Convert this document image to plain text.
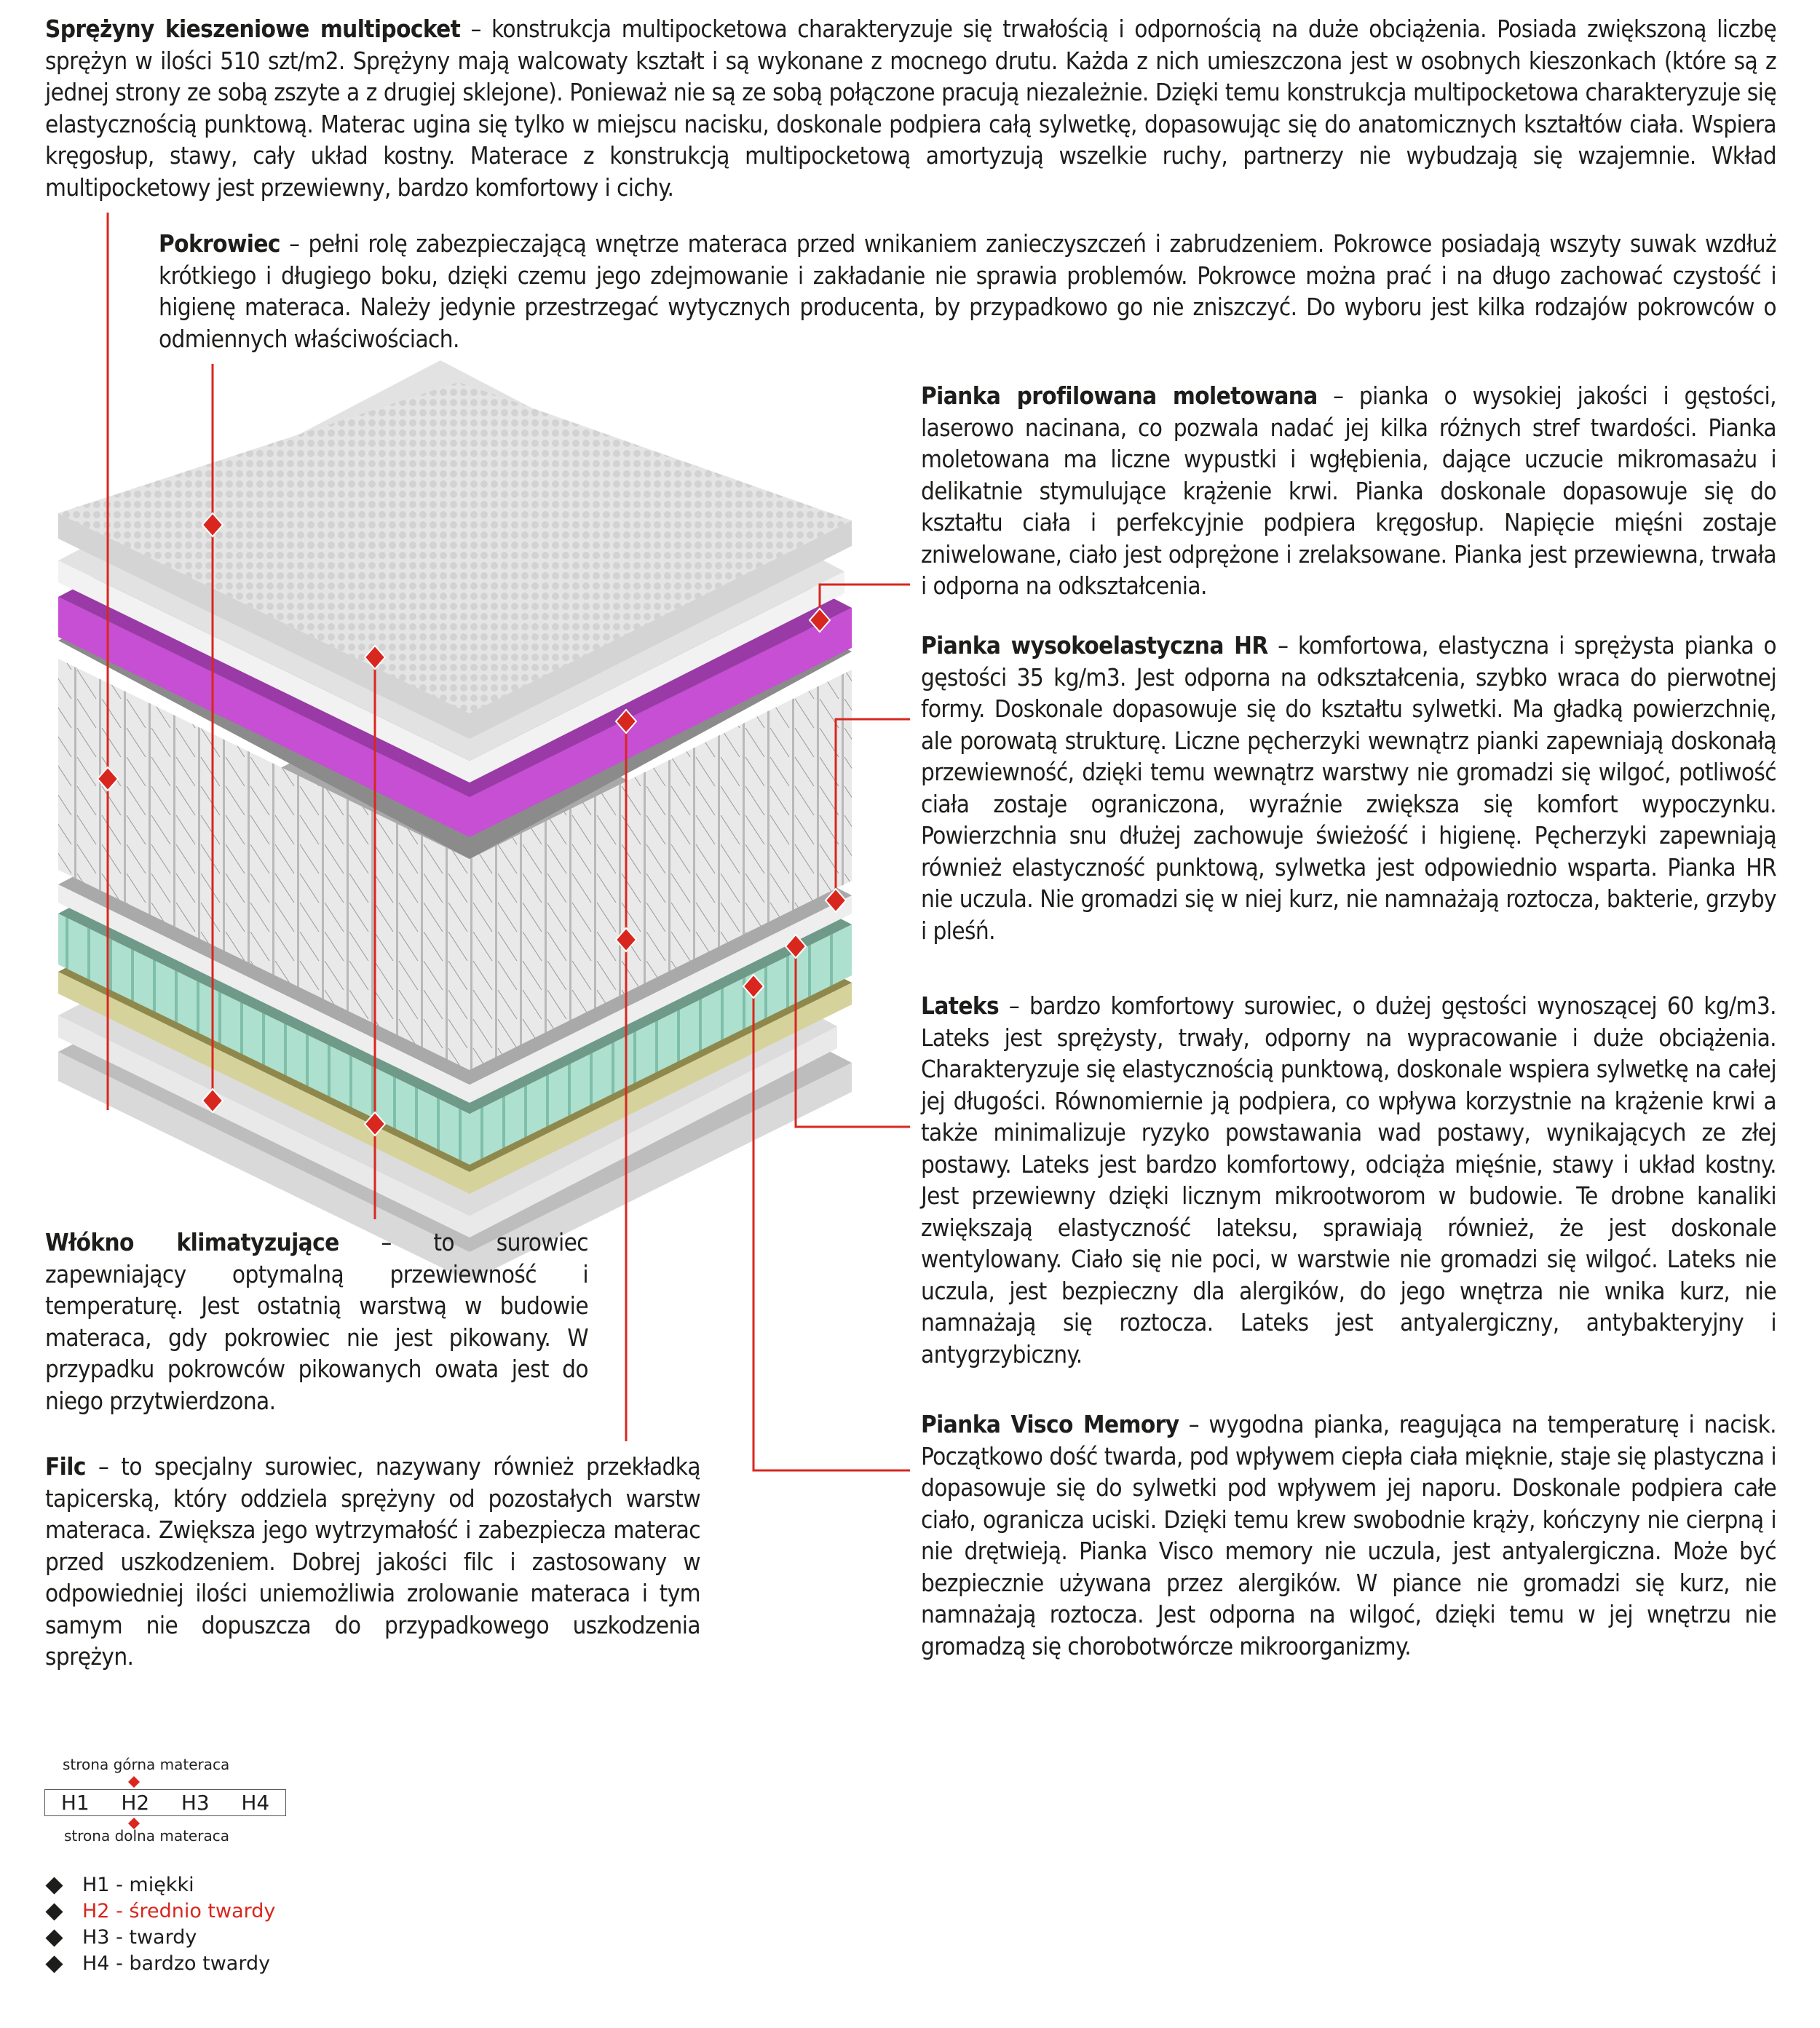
Sprężyny kieszeniowe multipocket – konstrukcja multipocketowa charakteryzuje się trwałością i odpornością na duże obciążenia. Posiada zwiększoną liczbę sprężyn w ilości 510 szt/m2. Sprężyny mają walcowaty kształt i są wykonane z mocnego drutu. Każda z nich umieszczona jest w osobnych kieszonkach (które są z jednej strony ze sobą zszyte a z drugiej sklejone). Ponieważ nie są ze sobą połączone pracują niezależnie. Dzięki temu konstrukcja multipocketowa charakteryzuje się elastycznością punktową. Materac ugina się tylko w miejscu nacisku, doskonale podpiera całą sylwetkę, dopasowując się do anatomicznych kształtów ciała. Wspiera kręgosłup, stawy, cały układ kostny. Materace z konstrukcją multipocketową amortyzują wszelkie ruchy, partnerzy nie wybudzają się wzajemnie. Wkład multipocketowy jest przewiewny, bardzo komfortowy i cichy.

Pokrowiec – pełni rolę zabezpieczającą wnętrze materaca przed wnikaniem zanieczyszczeń i zabrudzeniem. Pokrowce posiadają wszyty suwak wzdłuż krótkiego i długiego boku, dzięki czemu jego zdejmowanie i zakładanie nie sprawia problemów. Pokrowce można prać i na długo zachować czystość i higienę materaca. Należy jedynie przestrzegać wytycznych producenta, by przypadkowo go nie zniszczyć. Do wyboru jest kilka rodzajów pokrowców o odmiennych właściwościach.

Pianka profilowana moletowana – pianka o wysokiej jakości i gęstości, laserowo nacinana, co pozwala nadać jej kilka różnych stref twardości. Pianka moletowana ma liczne wypustki i wgłębienia, dające uczucie mikromasażu i delikatnie stymulujące krążenie krwi. Pianka doskonale dopasowuje się do kształtu ciała i perfekcyjnie podpiera kręgosłup. Napięcie mięśni zostaje zniwelowane, ciało jest odprężone i zrelaksowane. Pianka jest przewiewna, trwała i odporna na odkształcenia.

Pianka wysokoelastyczna HR – komfortowa, elastyczna i sprężysta pianka o gęstości 35 kg/m3. Jest odporna na odkształcenia, szybko wraca do pierwotnej formy. Doskonale dopasowuje się do kształtu sylwetki. Ma gładką powierzchnię, ale porowatą strukturę. Liczne pęcherzyki wewnątrz pianki zapewniają doskonałą przewiewność, dzięki temu wewnątrz warstwy nie gromadzi się wilgoć, potliwość ciała zostaje ograniczona, wyraźnie zwiększa się komfort wypoczynku. Powierzchnia snu dłużej zachowuje świeżość i higienę. Pęcherzyki zapewniają również elastyczność punktową, sylwetka jest odpowiednio wsparta. Pianka HR nie uczula. Nie gromadzi się w niej kurz, nie namnażają roztocza, bakterie, grzyby i pleśń.

Lateks – bardzo komfortowy surowiec, o dużej gęstości wynoszącej 60 kg/m3. Lateks jest sprężysty, trwały, odporny na wypracowanie i duże obciążenia. Charakteryzuje się elastycznością punktową, doskonale wspiera sylwetkę na całej jej długości. Równomiernie ją podpiera, co wpływa korzystnie na krążenie krwi a także minimalizuje ryzyko powstawania wad postawy, wynikających ze złej postawy. Lateks jest bardzo komfortowy, odciąża mięśnie, stawy i układ kostny. Jest przewiewny dzięki licznym mikrootworom w budowie. Te drobne kanaliki zwiększają elastyczność lateksu, sprawiają również, że jest doskonale wentylowany. Ciało się nie poci, w warstwie nie gromadzi się wilgoć. Lateks nie uczula, jest bezpieczny dla alergików, do jego wnętrza nie wnika kurz, nie namnażają się roztocza. Lateks jest antyalergiczny, antybakteryjny i antygrzybiczny.

Pianka Visco Memory – wygodna pianka, reagująca na temperaturę i nacisk. Początkowo dość twarda, pod wpływem ciepła ciała mięknie, staje się plastyczna i dopasowuje się do sylwetki pod wpływem jej naporu. Doskonale podpiera całe ciało, ogranicza uciski. Dzięki temu krew swobodnie krąży, kończyny nie cierpną i nie drętwieją. Pianka Visco memory nie uczula, jest antyalergiczna. Może być bezpiecznie używana przez alergików. W piance nie gromadzi się kurz, nie namnażają roztocza. Jest odporna na wilgoć, dzięki temu w jej wnętrzu nie gromadzą się chorobotwórcze mikroorganizmy.

Włókno klimatyzujące – to surowiec zapewniający optymalną przewiewność i temperaturę. Jest ostatnią warstwą w budowie materaca, gdy pokrowiec nie jest pikowany. W przypadku pokrowców pikowanych owata jest do niego przytwierdzona.

Filc – to specjalny surowiec, nazywany również przekładką tapicerską, który oddziela sprężyny od pozostałych warstw materaca. Zwiększa jego wytrzymałość i zabezpiecza materac przed uszkodzeniem. Dobrej jakości filc i zastosowany w odpowiedniej ilości uniemożliwia zrolowanie materaca i tym samym nie dopuszcza do przypadkowego uszkodzenia sprężyn.

strona górna materaca
H1	H2	H3	H4
strona dolna materaca
H1 - miękki
H2 - średnio twardy
H3 - twardy
H4 - bardzo twardy
